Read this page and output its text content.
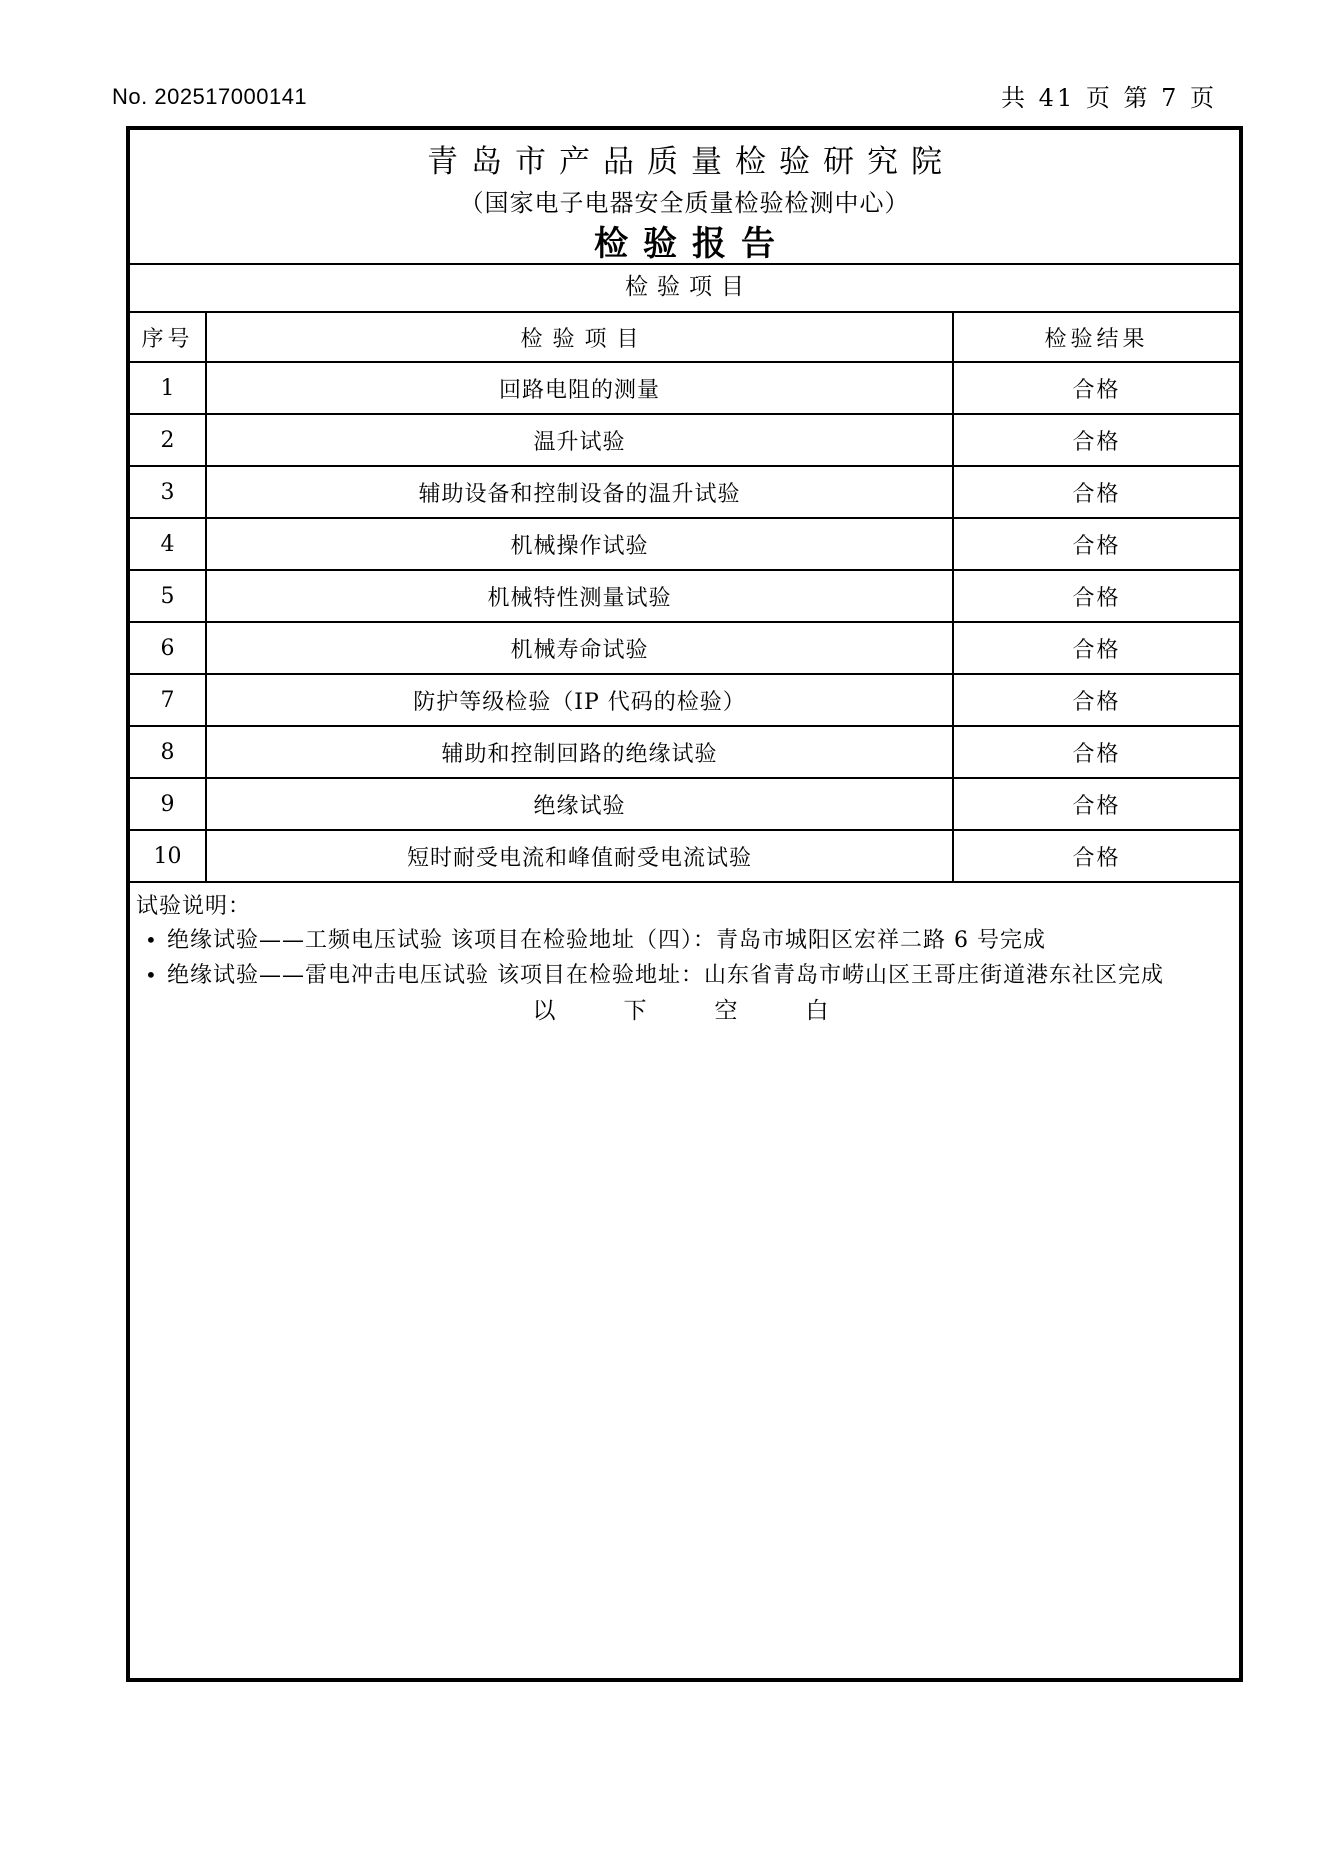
No. 202517000141	共 41 页 第 7 页
青岛市产品质量检验研究院
（国家电子电器安全质量检验检测中心）
检验报告
检验项目
序号	检验项目	检验结果
1	回路电阻的测量	合格
2	温升试验	合格
3	辅助设备和控制设备的温升试验	合格
4	机械操作试验	合格
5	机械特性测量试验	合格
6	机械寿命试验	合格
7	防护等级检验（IP 代码的检验）	合格
8	辅助和控制回路的绝缘试验	合格
9	绝缘试验	合格
10	短时耐受电流和峰值耐受电流试验	合格
试验说明：
• 绝缘试验——工频电压试验 该项目在检验地址（四）：青岛市城阳区宏祥二路 6 号完成
• 绝缘试验——雷电冲击电压试验 该项目在检验地址：山东省青岛市崂山区王哥庄街道港东社区完成
以下空白
